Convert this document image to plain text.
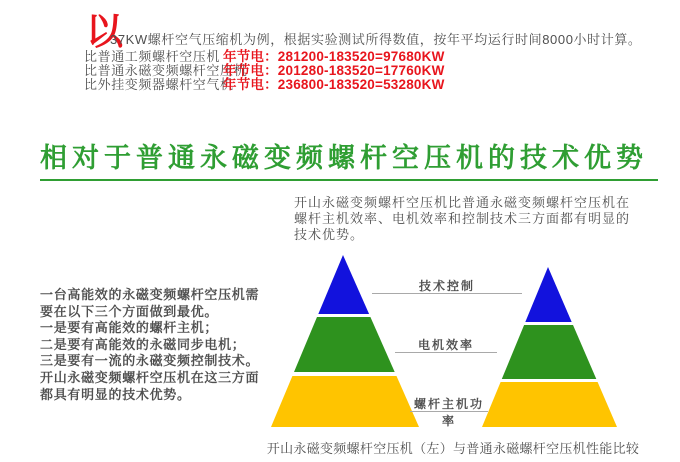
以
37KW螺杆空气压缩机为例，根据实验测试所得数值，按年平均运行时间8000小时计算。
比普通工频螺杆空压机 年节电：281200-183520=97680KW
比普通永磁变频螺杆空压机
年节电：201280-183520=17760KW
比外挂变频器螺杆空气机
年节电：236800-183520=53280KW
相对于普通永磁变频螺杆空压机的技术优势
开山永磁变频螺杆空压机比普通永磁变频螺杆空压机在
螺杆主机效率、电机效率和控制技术三方面都有明显的
技术优势。
一台高能效的永磁变频螺杆空压机需
要在以下三个方面做到最优。
一是要有高能效的螺杆主机；
二是要有高能效的永磁同步电机；
三是要有一流的永磁变频控制技术。
开山永磁变频螺杆空压机在这三方面
都具有明显的技术优势。
技术控制
电机效率
螺杆主机功率
开山永磁变频螺杆空压机（左）与普通永磁螺杆空压机性能比较
